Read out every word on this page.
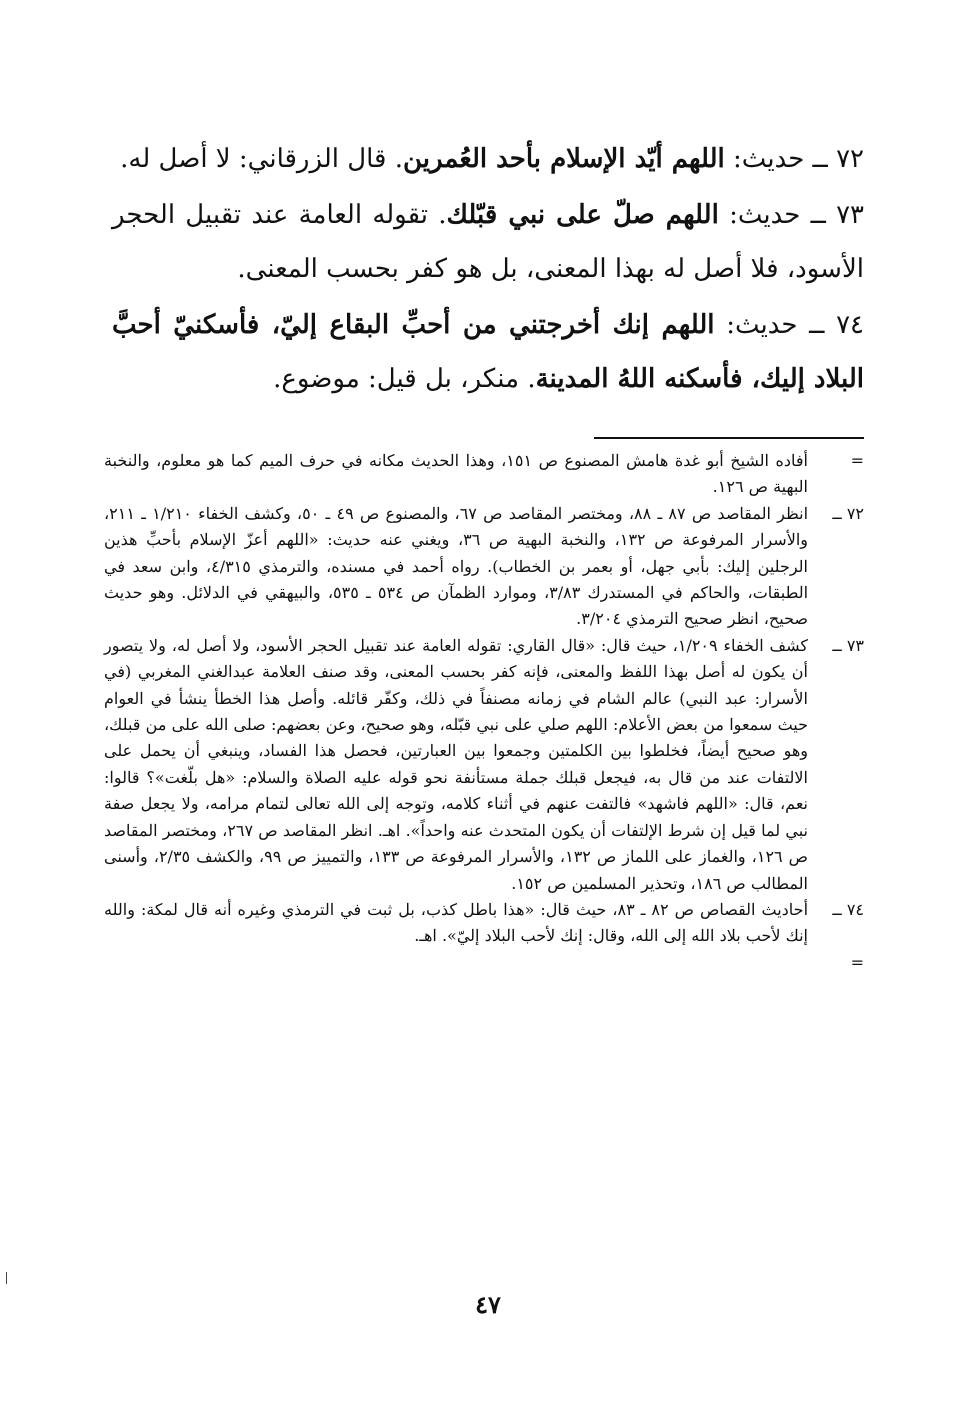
٧٢ ــ حديث: اللهم أيّد الإسلام بأحد العُمرين. قال الزرقاني: لا أصل له.

٧٣ ــ حديث: اللهم صلّ على نبي قبّلك. تقوله العامة عند تقبيل الحجر الأسود، فلا أصل له بهذا المعنى، بل هو كفر بحسب المعنى.

٧٤ ــ حديث: اللهم إنك أخرجتني من أحبِّ البقاع إليّ، فأسكنيّ أحبَّ البلاد إليك، فأسكنه اللهُ المدينة. منكر، بل قيل: موضوع.

=
أفاده الشيخ أبو غدة هامش المصنوع ص ١٥١، وهذا الحديث مكانه في حرف الميم كما هو معلوم، والنخبة البهية ص ١٢٦.
٧٢ ــ
انظر المقاصد ص ٨٧ ـ ٨٨، ومختصر المقاصد ص ٦٧، والمصنوع ص ٤٩ ـ ٥٠، وكشف الخفاء ١/٢١٠ ـ ٢١١، والأسرار المرفوعة ص ١٣٢، والنخبة البهية ص ٣٦، ويغني عنه حديث: «اللهم أعزّ الإسلام بأحبِّ هذين الرجلين إليك: بأبي جهل، أو بعمر بن الخطاب). رواه أحمد في مسنده، والترمذي ٤/٣١٥، وابن سعد في الطبقات، والحاكم في المستدرك ٣/٨٣، وموارد الظمآن ص ٥٣٤ ـ ٥٣٥، والبيهقي في الدلائل. وهو حديث صحيح، انظر صحيح الترمذي ٣/٢٠٤.
٧٣ ــ
كشف الخفاء ١/٢٠٩، حيث قال: «قال القاري: تقوله العامة عند تقبيل الحجر الأسود، ولا أصل له، ولا يتصور أن يكون له أصل بهذا اللفظ والمعنى، فإنه كفر بحسب المعنى، وقد صنف العلامة عبدالغني المغربي (في الأسرار: عبد النبي) عالم الشام في زمانه مصنفاً في ذلك، وكفّر قائله. وأصل هذا الخطأ ينشأ في العوام حيث سمعوا من بعض الأعلام: اللهم صلي على نبي قبّله، وهو صحيح، وعن بعضهم: صلى الله على من قبلك، وهو صحيح أيضاً، فخلطوا بين الكلمتين وجمعوا بين العبارتين، فحصل هذا الفساد، وينبغي أن يحمل على الالتفات عند من قال به، فيجعل قبلك جملة مستأنفة نحو قوله عليه الصلاة والسلام: «هل بلّغت»؟ قالوا: نعم، قال: «اللهم فاشهد» فالتفت عنهم في أثناء كلامه، وتوجه إلى الله تعالى لتمام مرامه، ولا يجعل صفة نبي لما قيل إن شرط الإلتفات أن يكون المتحدث عنه واحداً». اهـ. انظر المقاصد ص ٢٦٧، ومختصر المقاصد ص ١٢٦، والغماز على اللماز ص ١٣٢، والأسرار المرفوعة ص ١٣٣، والتمييز ص ٩٩، والكشف ٢/٣٥، وأسنى المطالب ص ١٨٦، وتحذير المسلمين ص ١٥٢.
٧٤ ــ
أحاديث القصاص ص ٨٢ ـ ٨٣، حيث قال: «هذا باطل كذب، بل ثبت في الترمذي وغيره أنه قال لمكة: والله إنك لأحب بلاد الله إلى الله، وقال: إنك لأحب البلاد إليّ». اهـ.
=
٤٧
